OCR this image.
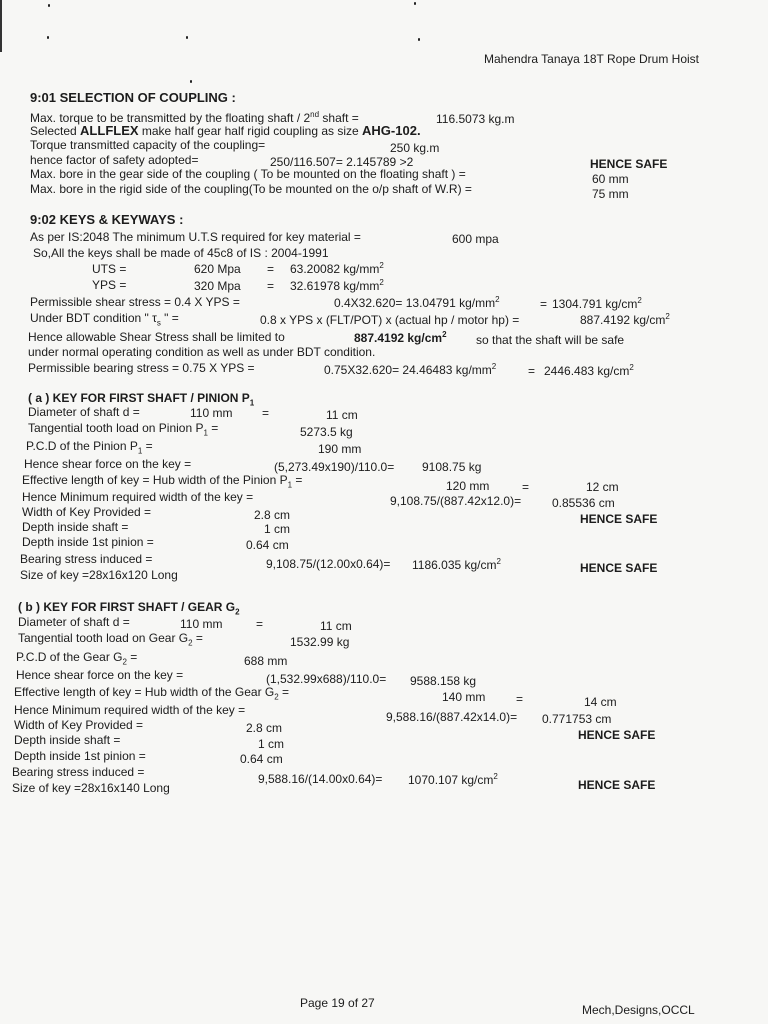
Mahendra Tanaya 18T Rope Drum Hoist
9:01 SELECTION OF COUPLING :
Max. torque to be transmitted by the floating shaft / 2nd shaft =	116.5073 kg.m
Selected ALLFLEX make half gear half rigid coupling as size AHG-102.
Torque transmitted capacity of the coupling=	250 kg.m
hence factor of safety adopted=	250/116.507= 2.145789 >2	HENCE SAFE
Max. bore in the gear side of the coupling ( To be mounted on the floating shaft ) =	60 mm
Max. bore in the rigid side of the coupling(To be mounted on the o/p shaft of W.R) =	75 mm
9:02 KEYS & KEYWAYS :
As per IS:2048 The minimum U.T.S required for key material =	600 mpa
So,All the keys shall be made of 45c8 of IS : 2004-1991
UTS =	620 Mpa = 63.20082 $kg/mm^2$
YPS =	320 Mpa = 32.61978 $kg/mm^2$
Permissible shear stress = 0.4 X YPS =	0.4X32.620= 13.04791 $kg/mm^2$	= 1304.791 $kg/cm^2$
Under BDT condition " $\tau_s$ " =	0.8 x YPS x (FLT/POT) x (actual hp / motor hp) =	887.4192 $kg/cm^2$
Hence allowable Shear Stress shall be limited to	887.4192 $kg/cm^2$ so that the shaft will be safe
under normal operating condition as well as under BDT condition.
Permissible bearing stress = 0.75 X YPS =	0.75X32.620= 24.46483 $kg/mm^2$	= 2446.483 $kg/cm^2$
( a ) KEY FOR FIRST SHAFT / PINION $P_1$
Diameter of shaft d =	110 mm =	11 cm
Tangential tooth load on Pinion $P_1$ =	5273.5 kg
P.C.D of the Pinion $P_1$ =	190 mm
Hence shear force on the key =	(5,273.49x190)/110.0= 9108.75 kg
Effective length of key = Hub width of the Pinion $P_1$ =	120 mm	=	12 cm
Hence Minimum required width of the key =	9,108.75/(887.42x12.0)=	0.85536 cm
Width of Key Provided =	2.8 cm	HENCE SAFE
Depth inside shaft =	1 cm
Depth inside 1st pinion =	0.64 cm
Bearing stress induced =	9,108.75/(12.00x0.64)= 1186.035 $kg/cm^2$	HENCE SAFE
Size of key =28x16x120 Long
( b ) KEY FOR FIRST SHAFT / GEAR $G_2$
Diameter of shaft d =	110 mm	=	11 cm
Tangential tooth load on Gear $G_2$ =	1532.99 kg
P.C.D of the Gear $G_2$ =	688 mm
Hence shear force on the key =	(1,532.99x688)/110.0= 9588.158 kg
Effective length of key = Hub width of the Gear $G_2$ =	140 mm	=	14 cm
Hence Minimum required width of the key =	9,588.16/(887.42x14.0)= 0.771753 cm
Width of Key Provided =	2.8 cm	HENCE SAFE
Depth inside shaft =	1 cm
Depth inside 1st pinion =	0.64 cm
Bearing stress induced =	9,588.16/(14.00x0.64)= 1070.107 $kg/cm^2$
HENCE SAFE
Size of key =28x16x140 Long
Page 19 of 27	Mech,Designs,OCCL
